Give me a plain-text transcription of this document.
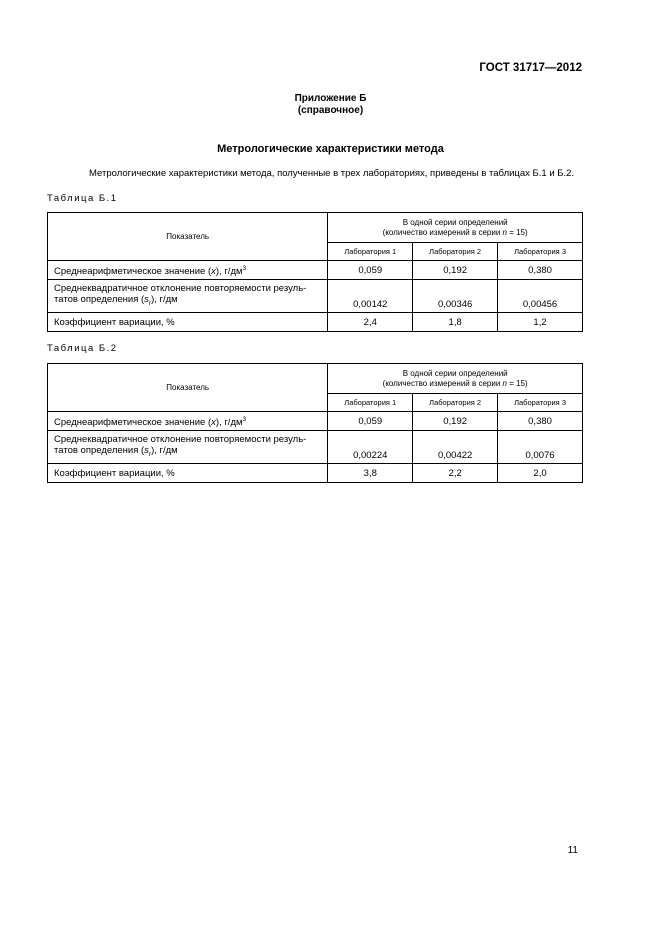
ГОСТ 31717—2012
Приложение Б
(справочное)
Метрологические характеристики метода
Метрологические характеристики метода, полученные в трех лабораториях, приведены в таблицах Б.1 и Б.2.
Таблица Б.1
Показатель	В одной серии определений
(количество измерений в серии n = 15)		
	Лаборатория 1	Лаборатория 2	Лаборатория 3
Среднеарифметическое значение (x), $г/дм^3$	0,059	0,192	0,380
Среднеквадратичное отклонение повторяемости резуль-
татов определения $(s_r)$, г/дм	0,00142	0,00346	0,00456
Коэффициент вариации, %	2,4	1,8	1,2
Таблица Б.2
Показатель	В одной серии определений
(количество измерений в серии n = 15)		
	Лаборатория 1	Лаборатория 2	Лаборатория 3
Среднеарифметическое значение (x), $г/дм^3$	0,059	0,192	0,380
Среднеквадратичное отклонение повторяемости резуль-
татов определения $(s_r)$, г/дм	0,00224	0,00422	0,0076
Коэффициент вариации, %	3,8	2,2	2,0
11
